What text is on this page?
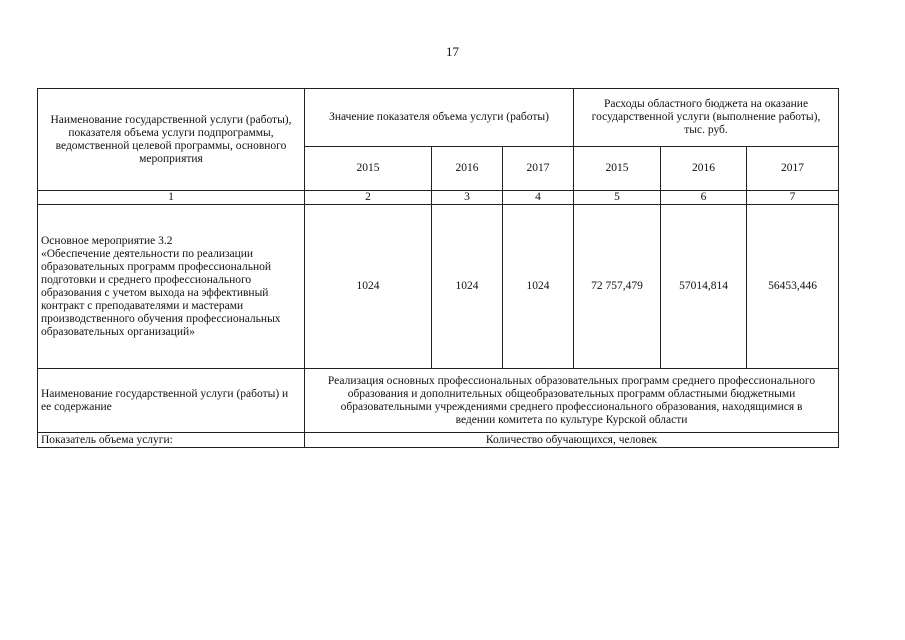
17
Наименование государственной услуги (работы), показателя объема услуги подпрограммы, ведомственной целевой программы, основного мероприятия	Значение показателя объема услуги (работы)			Расходы областного бюджета на оказание государственной услуги (выполнение работы),
тыс. руб.		
	2015	2016	2017	2015	2016	2017
1	2	3	4	5	6	7
Основное мероприятие 3.2
«Обеспечение деятельности по реализации образовательных программ профессиональной подготовки и среднего профессионального образования с учетом выхода на эффективный контракт с преподавателями и мастерами производственного обучения профессиональных образовательных организаций»	1024	1024	1024	72 757,479	57014,814	56453,446
Наименование государственной услуги (работы) и ее содержание	Реализация основных профессиональных образовательных программ среднего профессионального образования и дополнительных общеобразовательных программ областными бюджетными образовательными учреждениями среднего профессионального образования, находящимися в ведении комитета по культуре Курской области					
Показатель объема услуги:	Количество обучающихся, человек					
